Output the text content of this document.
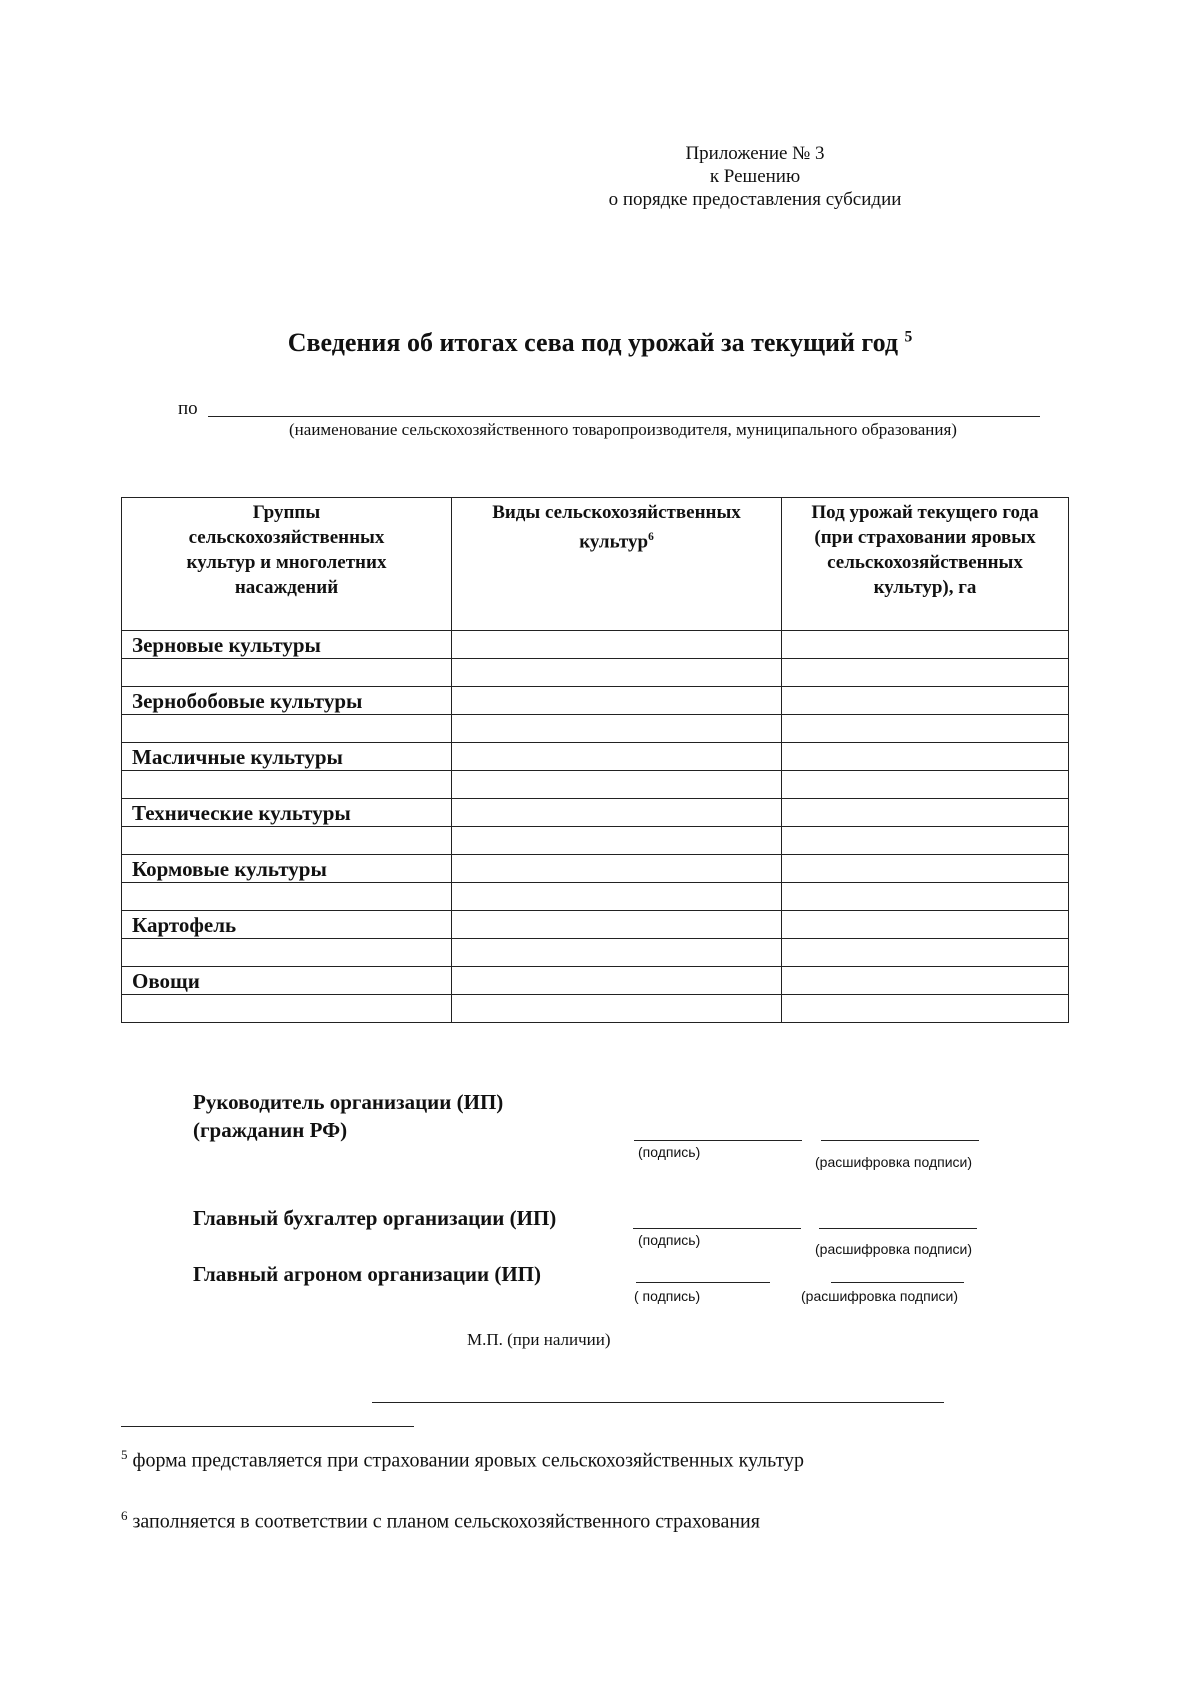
Приложение № 3
к Решению
о порядке предоставления субсидии
Сведения об итогах сева под урожай за текущий год $^5$
по
(наименование сельскохозяйственного товаропроизводителя, муниципального образования)
Группы сельскохозяйственных культур и многолетних насаждений	Виды сельскохозяйственных культур$^6$	Под урожай текущего года (при страховании яровых сельскохозяйственных культур), га
Зерновые культуры		

Зернобобовые культуры		

Масличные культуры		

Технические культуры		

Кормовые культуры		

Картофель		

Овощи		

Руководитель организации (ИП)
(гражданин РФ)
(подпись)
(расшифровка подписи)
Главный бухгалтер организации (ИП)
(подпись)
(расшифровка подписи)
Главный агроном организации (ИП)
( подпись)	(расшифровка подписи)
М.П. (при наличии)
$^5$ форма представляется при страховании яровых сельскохозяйственных культур
$^6$ заполняется в соответствии с планом сельскохозяйственного страхования
